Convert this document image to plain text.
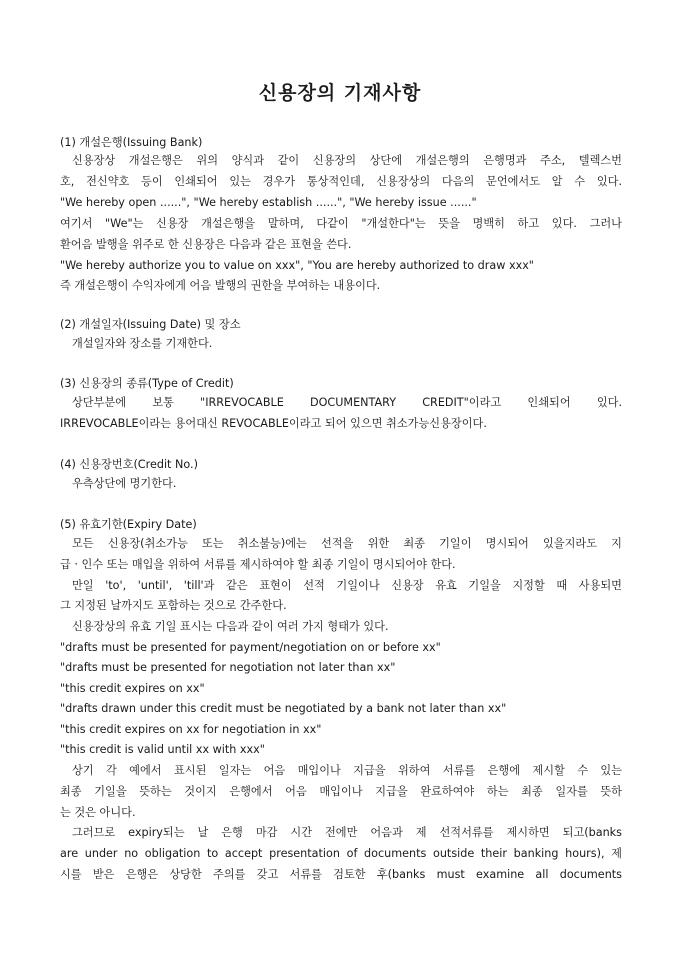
신용장의 기재사항
(1) 개설은행(Issuing Bank)
신용장상 개설은행은 위의 양식과 같이 신용장의 상단에 개설은행의 은행명과 주소, 텔렉스번
호, 전신약호 등이 인쇄되어 있는 경우가 통상적인데, 신용장상의 다음의 문언에서도 알 수 있다.
"We hereby open ......", "We hereby establish ......", "We hereby issue ......"
여기서 "We"는 신용장 개설은행을 말하며, 다같이 "개설한다"는 뜻을 명백히 하고 있다. 그러나
환어음 발행을 위주로 한 신용장은 다음과 같은 표현을 쓴다.
"We hereby authorize you to value on xxx", "You are hereby authorized to draw xxx"
즉 개설은행이 수익자에게 어음 발행의 권한을 부여하는 내용이다.
(2) 개설일자(Issuing Date) 및 장소
개설일자와 장소를 기재한다.
(3) 신용장의 종류(Type of Credit)
상단부분에 보통 "IRREVOCABLE DOCUMENTARY CREDIT"이라고 인쇄되어 있다.
IRREVOCABLE이라는 용어대신 REVOCABLE이라고 되어 있으면 취소가능신용장이다.
(4) 신용장번호(Credit No.)
우측상단에 명기한다.
(5) 유효기한(Expiry Date)
모든 신용장(취소가능 또는 취소불능)에는 선적을 위한 최종 기일이 명시되어 있을지라도 지
급 · 인수 또는 매입을 위하여 서류를 제시하여야 할 최종 기일이 명시되어야 한다.
만일 'to', 'until', 'till'과 같은 표현이 선적 기일이나 신용장 유효 기일을 지정할 때 사용되면
그 지정된 날까지도 포함하는 것으로 간주한다.
신용장상의 유효 기일 표시는 다음과 같이 여러 가지 형태가 있다.
"drafts must be presented for payment/negotiation on or before xx"
"drafts must be presented for negotiation not later than xx"
"this credit expires on xx"
"drafts drawn under this credit must be negotiated by a bank not later than xx"
"this credit expires on xx for negotiation in xx"
"this credit is valid until xx with xxx"
상기 각 예에서 표시된 일자는 어음 매입이나 지급을 위하여 서류를 은행에 제시할 수 있는
최종 기일을 뜻하는 것이지 은행에서 어음 매입이나 지급을 완료하여야 하는 최종 일자를 뜻하
는 것은 아니다.
그러므로 expiry되는 날 은행 마감 시간 전에만 어음과 제 선적서류를 제시하면 되고(banks
are under no obligation to accept presentation of documents outside their banking hours), 제
시를 받은 은행은 상당한 주의를 갖고 서류를 검토한 후(banks must examine all documents
